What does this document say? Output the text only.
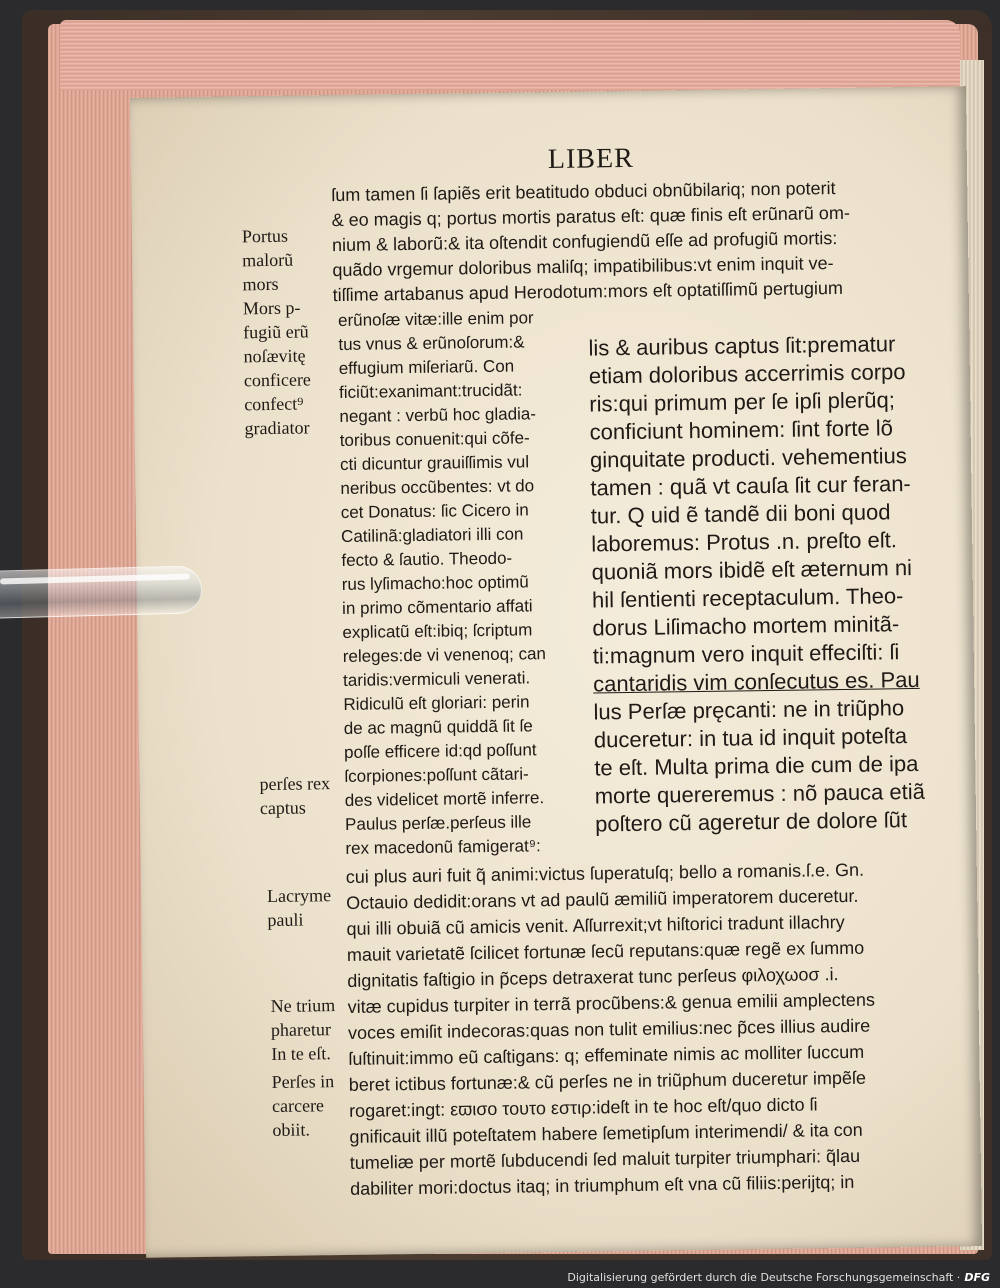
LIBER
ſum tamen ſi ſapiẽs erit beatitudo obduci obnũbilariq; non poterit
& eo magis q; portus mortis paratus eſt: quæ finis eſt erũnarũ om-
nium & laborũ:& ita oſtendit confugiendũ eſſe ad profugiũ mortis:
quãdo vrgemur doloribus maliſq; impatibilibus:vt enim inquit ve-
tiſſime artabanus apud Herodotum:mors eſt optatiſſimũ pertugium
erũnoſæ vitæ:ille enim por
tus vnus & erũnoſorum:&
effugium miſeriarũ. Con
ficiũt:exanimant:trucidãt:
negant : verbũ hoc gladia-
toribus conuenit:qui cõfe-
cti dicuntur grauiſſimis vul
neribus occũbentes: vt do
cet Donatus: ſic Cicero in
Catilinã:gladiatori illi con
fecto & ſautio. Theodo-
rus lyſimacho:hoc optimũ
in primo cõmentario affati
explicatũ eſt:ibiq; ſcriptum
releges:de vi venenoq; can
taridis:vermiculi venerati.
Ridiculũ eſt gloriari: perin
de ac magnũ quiddã ſit ſe
poſſe efficere id:qd poſſunt
ſcorpiones:poſſunt cãtari-
des videlicet mortẽ inferre.
Paulus perſæ.perſeus ille
rex macedonũ famigerat⁹:
lis & auribus captus ſit:prematur
etiam doloribus accerrimis corpo
ris:qui primum per ſe ipſi plerũq;
conficiunt hominem: ſint forte lõ
ginquitate producti. vehementius
tamen : quã vt cauſa ſit cur feran-
tur. Q uid ẽ tandẽ dii boni quod
laboremus: Protus .n. preſto eſt.
quoniã mors ibidẽ eſt æternum ni
hil ſentienti receptaculum. Theo-
dorus Liſimacho mortem minitã-
ti:magnum vero inquit effeciſti: ſi
cantaridis vim conſecutus es. Pau
lus Perſæ pręcanti: ne in triũpho
duceretur: in tua id inquit poteſta
te eſt. Multa prima die cum de ipa
morte quereremus : nõ pauca etiã
poſtero cũ ageretur de dolore ſũt
cui plus auri fuit q̃ animi:victus ſuperatuſq; bello a romanis.ſ.e. Gn.
Octauio dedidit:orans vt ad paulũ æmiliũ imperatorem duceretur.
qui illi obuiã cũ amicis venit. Aſſurrexit;vt hiſtorici tradunt illachry
mauit varietatẽ ſcilicet fortunæ ſecũ reputans:quæ regẽ ex ſummo
dignitatis faſtigio in p̃ceps detraxerat tunc perſeus φιλοχωοσ .i.
vitæ cupidus turpiter in terrã procũbens:& genua emilii amplectens
voces emiſit indecoras:quas non tulit emilius:nec p̃ces illius audire
ſuſtinuit:immo eũ caſtigans: q; effeminate nimis ac molliter ſuccum
beret ictibus fortunæ:& cũ perſes ne in triũphum duceretur impẽſe
rogaret:ingt: εϖισο τουτο εστιρ:ideſt in te hoc eſt/quo dicto ſi
gnificauit illũ poteſtatem habere ſemetipſum interimendi/ & ita con
tumeliæ per mortẽ ſubducendi ſed maluit turpiter triumphari: q̃lau
dabiliter mori:doctus itaq; in triumphum eſt vna cũ filiis:perijtq; in
Portus
malorũ
mors
Mors p-
fugiũ erũ
noſævitę
conficere
confect⁹
gradiator
perſes rex
captus
Lacryme
pauli
Ne trium
pharetur
In te eſt.
Perſes in
carcere
obiit.
Digitalisierung gefördert durch die Deutsche Forschungsgemeinschaft · DFG
